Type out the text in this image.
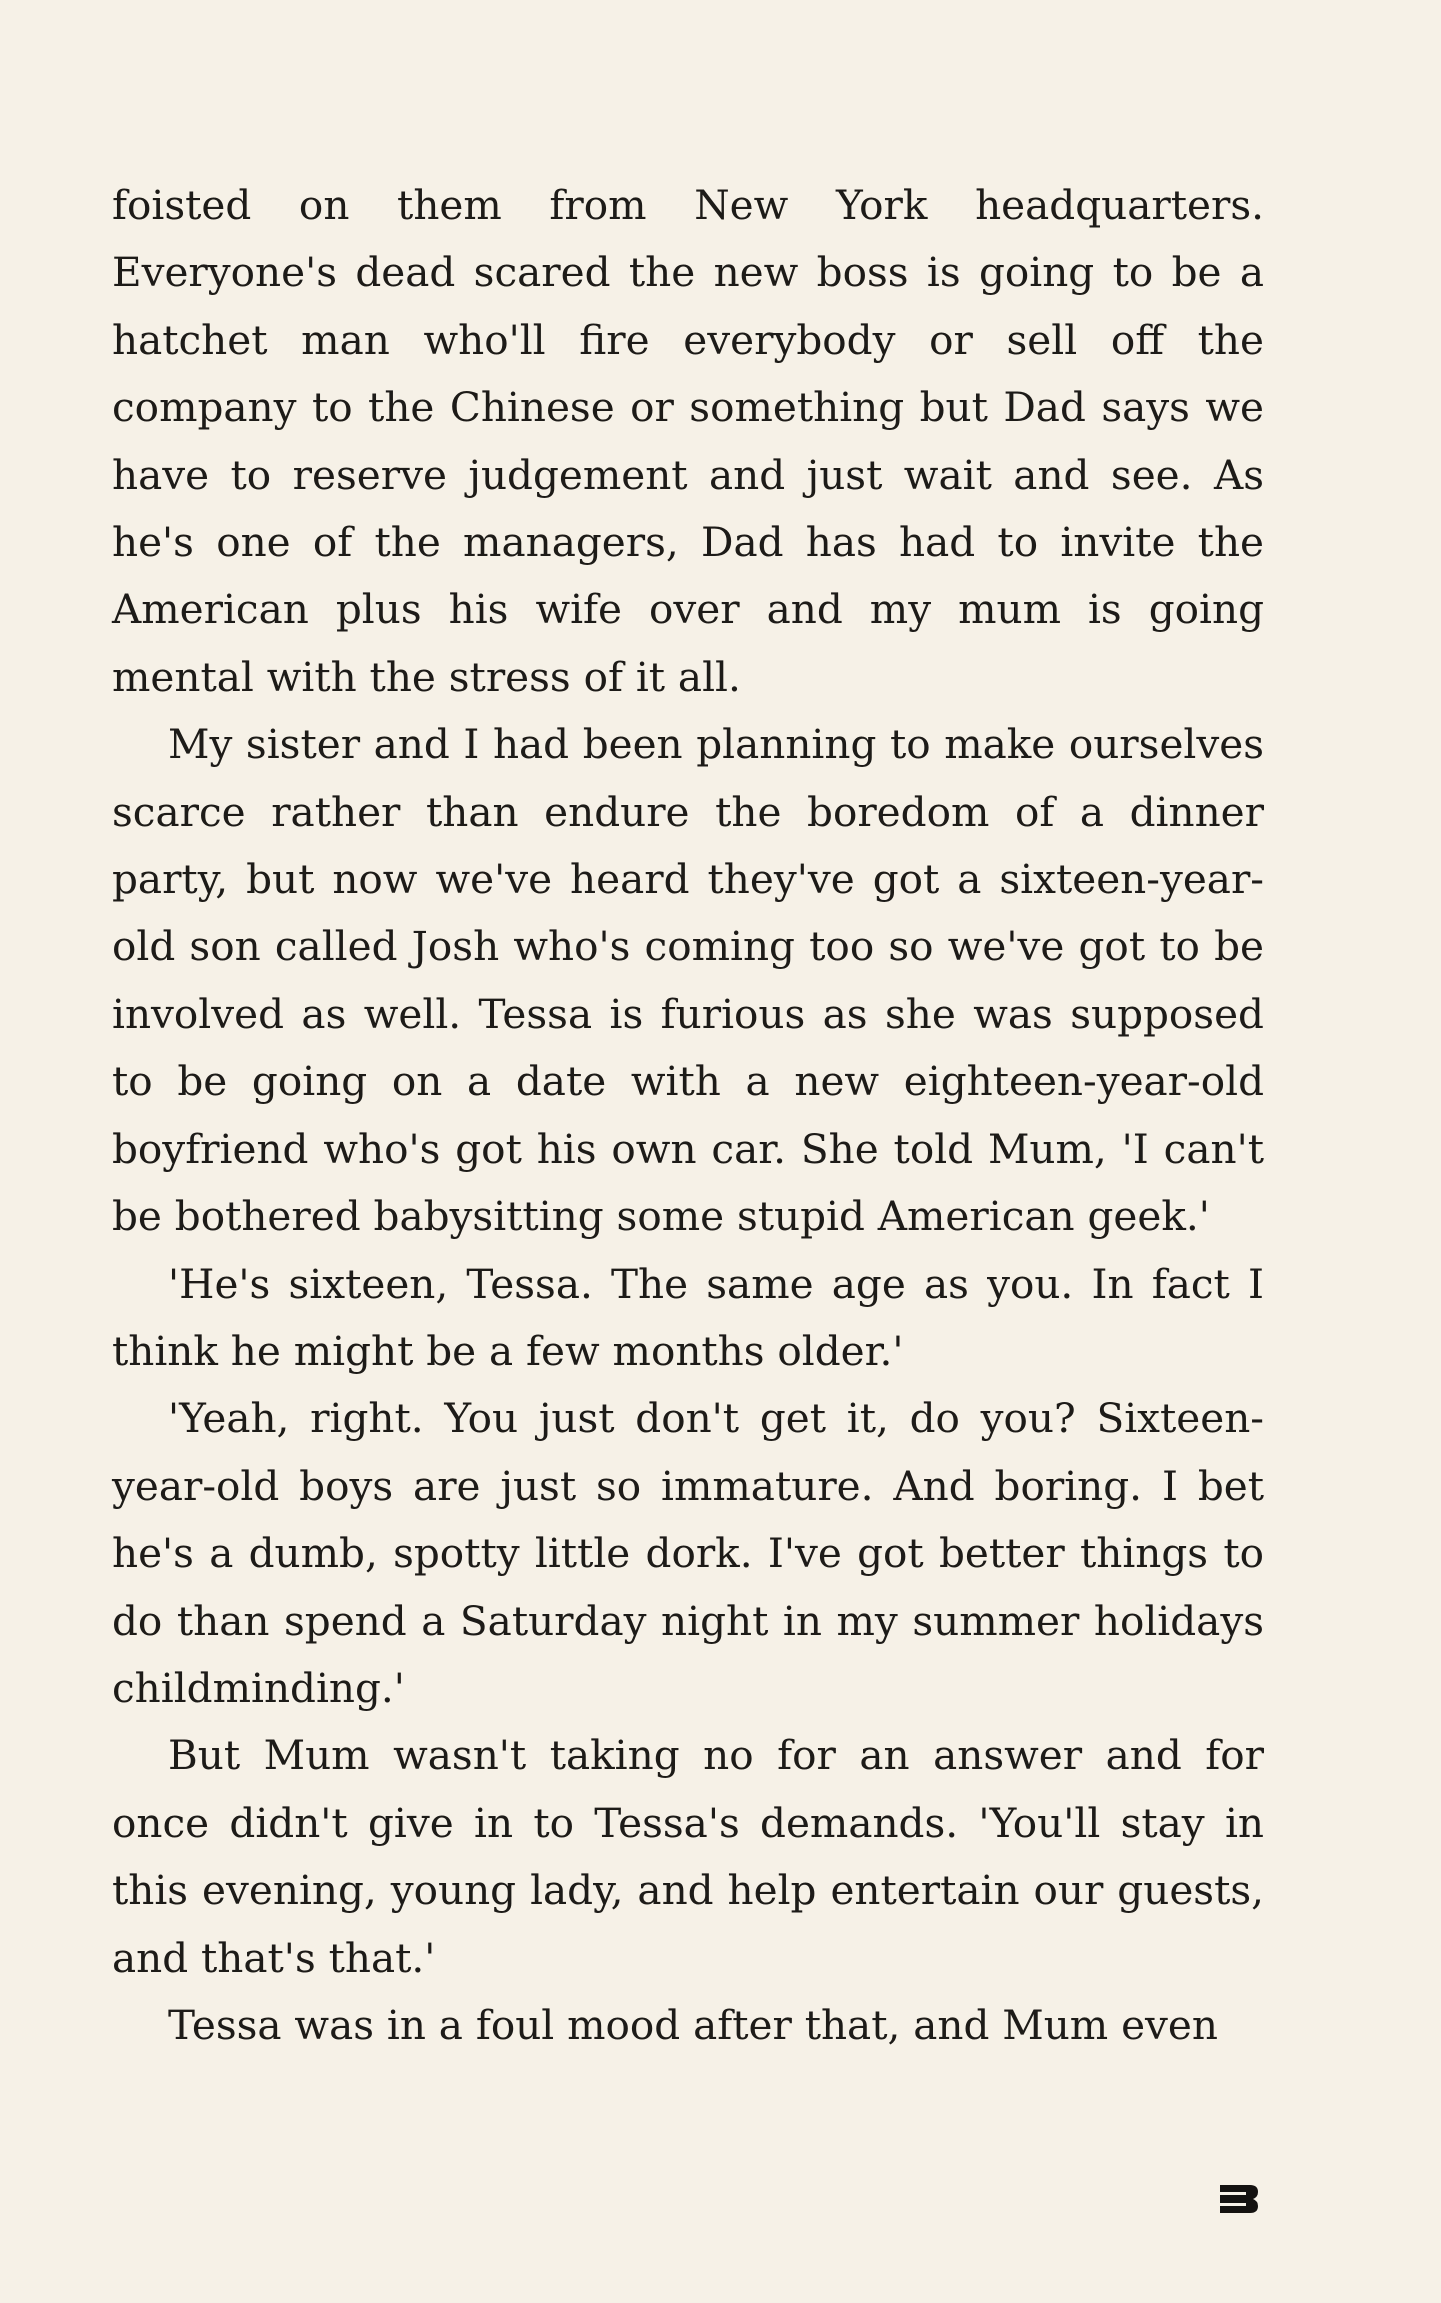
foisted on them from New York headquarters. Everyone's dead scared the new boss is going to be a hatchet man who'll fire everybody or sell off the company to the Chinese or something but Dad says we have to reserve judgement and just wait and see. As he's one of the managers, Dad has had to invite the American plus his wife over and my mum is going mental with the stress of it all.

My sister and I had been planning to make ourselves scarce rather than endure the boredom of a dinner party, but now we've heard they've got a sixteen-year-old son called Josh who's coming too so we've got to be involved as well. Tessa is furious as she was supposed to be going on a date with a new eighteen-year-old boyfriend who's got his own car. She told Mum, 'I can't be bothered babysitting some stupid American geek.'

'He's sixteen, Tessa. The same age as you. In fact I think he might be a few months older.'

'Yeah, right. You just don't get it, do you? Sixteen-year-old boys are just so immature. And boring. I bet he's a dumb, spotty little dork. I've got better things to do than spend a Saturday night in my summer holidays childminding.'

But Mum wasn't taking no for an answer and for once didn't give in to Tessa's demands. 'You'll stay in this evening, young lady, and help entertain our guests, and that's that.'

Tessa was in a foul mood after that, and Mum even
